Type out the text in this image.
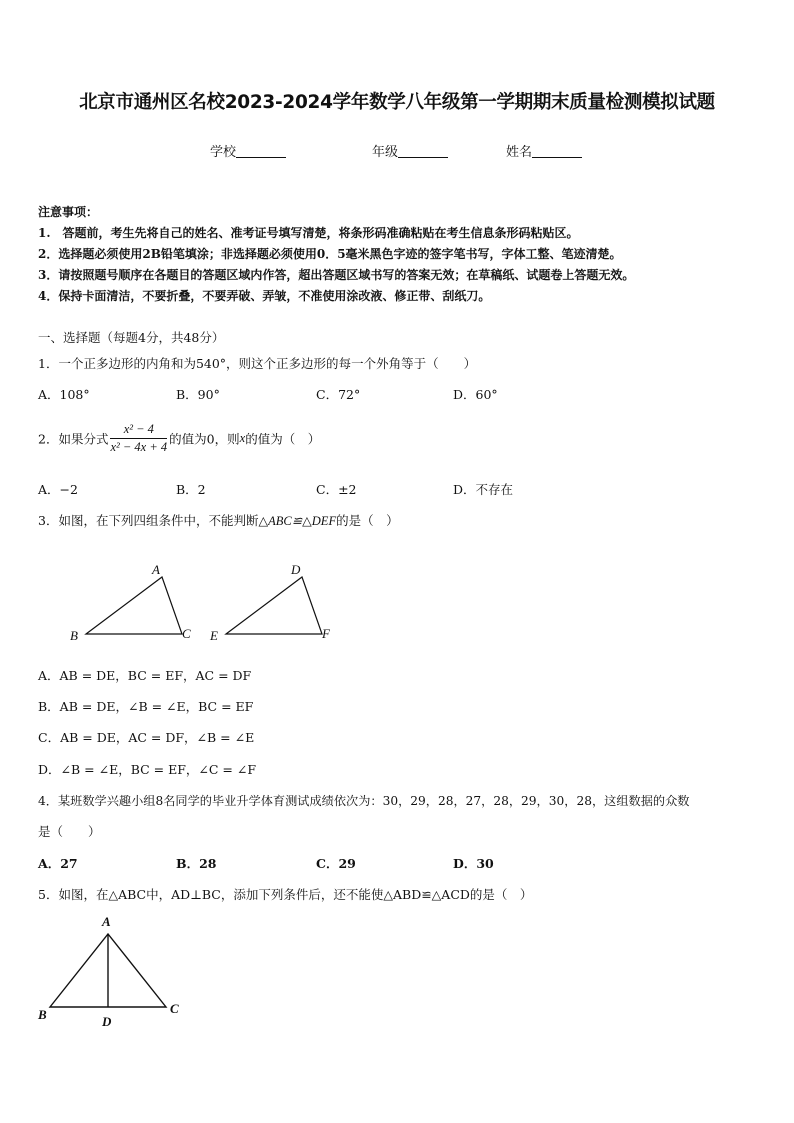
北京市通州区名校2023-2024学年数学八年级第一学期期末质量检测模拟试题
学校	年级	姓名
注意事项：
1.　答题前，考生先将自己的姓名、准考证号填写清楚，将条形码准确粘贴在考生信息条形码粘贴区。
2．选择题必须使用2B铅笔填涂；非选择题必须使用0．5毫米黑色字迹的签字笔书写，字体工整、笔迹清楚。
3．请按照题号顺序在各题目的答题区域内作答，超出答题区域书写的答案无效；在草稿纸、试题卷上答题无效。
4．保持卡面清洁，不要折叠，不要弄破、弄皱，不准使用涂改液、修正带、刮纸刀。
一、选择题（每题4分，共48分）
1．一个正多边形的内角和为540°，则这个正多边形的每一个外角等于（　　）
A．108°	B．90°	C．72°	D．60°
2．如果分式 $\frac{\text{x² − 4}}{\text{x² − 4x + 4}}$ 的值为0，则x的值为（　）
A．−2	B．2	C．±2	D．不存在
3．如图，在下列四组条件中，不能判断△ABC≌△DEF的是（　）
A
B	C
D
E	F
A．AB = DE，BC = EF，AC = DF
B．AB = DE，∠B = ∠E，BC = EF
C．AB = DE，AC = DF，∠B = ∠E
D．∠B = ∠E，BC = EF，∠C = ∠F
4．某班数学兴趣小组8名同学的毕业升学体育测试成绩依次为：30，29，28，27，28，29，30，28，这组数据的众数
是（　　）
A．27	B．28	C．29	D．30
5．如图，在△ABC中，AD⊥BC，添加下列条件后，还不能使△ABD≌△ACD的是（　）
A
B	D
C
